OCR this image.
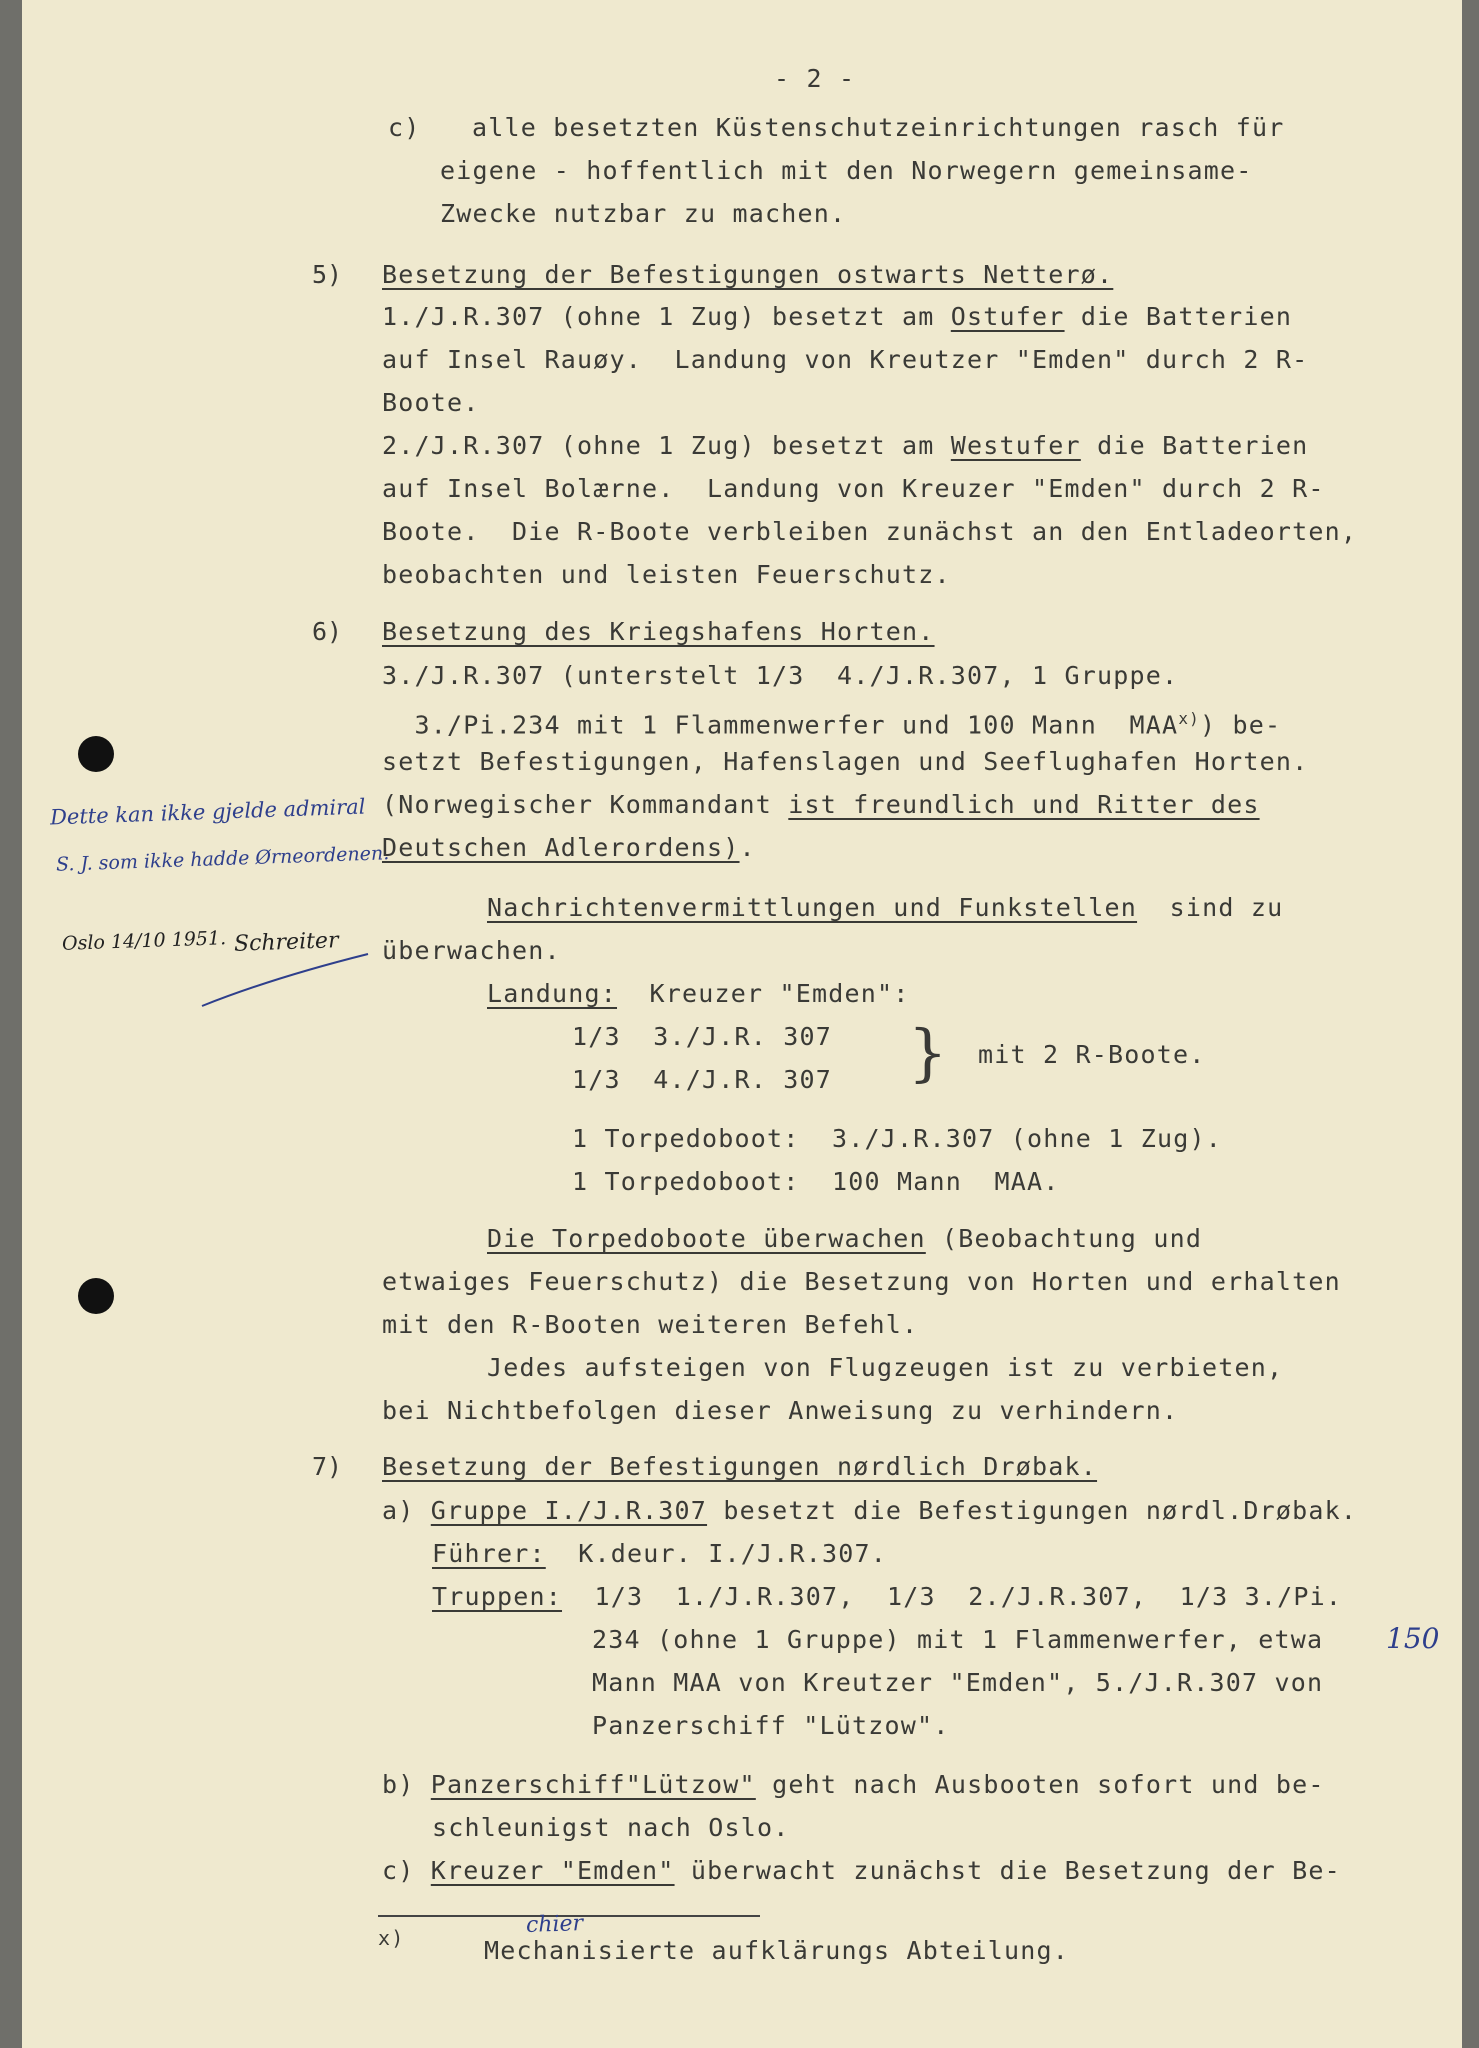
- 2 -
c) alle besetzten Küstenschutzeinrichtungen rasch für
eigene - hoffentlich mit den Norwegern gemeinsame-
Zwecke nutzbar zu machen.
5) Besetzung der Befestigungen ostwarts Netterø.
1./J.R.307 (ohne 1 Zug) besetzt am Ostufer die Batterien
auf Insel Rauøy.  Landung von Kreutzer "Emden" durch 2 R-
Boote.
2./J.R.307 (ohne 1 Zug) besetzt am Westufer die Batterien
auf Insel Bolærne.  Landung von Kreuzer "Emden" durch 2 R-
Boote.  Die R-Boote verbleiben zunächst an den Entladeorten,
beobachten und leisten Feuerschutz.
6) Besetzung des Kriegshafens Horten.
3./J.R.307 (unterstelt 1/3  4./J.R.307, 1 Gruppe.
3./Pi.234 mit 1 Flammenwerfer und 100 Mann  MAA$^{x)}$) be-
setzt Befestigungen, Hafenslagen und Seeflughafen Horten.
(Norwegischer Kommandant ist freundlich und Ritter des
Deutschen Adlerordens).
Nachrichtenvermittlungen und Funkstellen  sind zu
überwachen.
Landung:  Kreuzer "Emden":
1/3  3./J.R. 307
1/3  4./J.R. 307 } mit 2 R-Boote.
1 Torpedoboot:  3./J.R.307 (ohne 1 Zug).
1 Torpedoboot:  100 Mann  MAA.
Die Torpedoboote überwachen (Beobachtung und
etwaiges Feuerschutz) die Besetzung von Horten und erhalten
mit den R-Booten weiteren Befehl.
Jedes aufsteigen von Flugzeugen ist zu verbieten,
bei Nichtbefolgen dieser Anweisung zu verhindern.
7) Besetzung der Befestigungen nørdlich Drøbak.
a) Gruppe I./J.R.307 besetzt die Befestigungen nørdl.Drøbak.
Führer:  K.deur. I./J.R.307.
Truppen:  1/3  1./J.R.307,  1/3  2./J.R.307,  1/3 3./Pi.
234 (ohne 1 Gruppe) mit 1 Flammenwerfer, etwa 150
Mann MAA von Kreutzer "Emden", 5./J.R.307 von
Panzerschiff "Lützow".
b) Panzerschiff"Lützow" geht nach Ausbooten sofort und be-
schleunigst nach Oslo.
c) Kreuzer "Emden" überwacht zunächst die Besetzung der Be-
x)	Mechanisierte aufklärungs Abteilung.
chier
Dette kan ikke gjelde admiral
S. J. som ikke hadde Ørneordenen.
Oslo 14/10 1951. Schreiter
